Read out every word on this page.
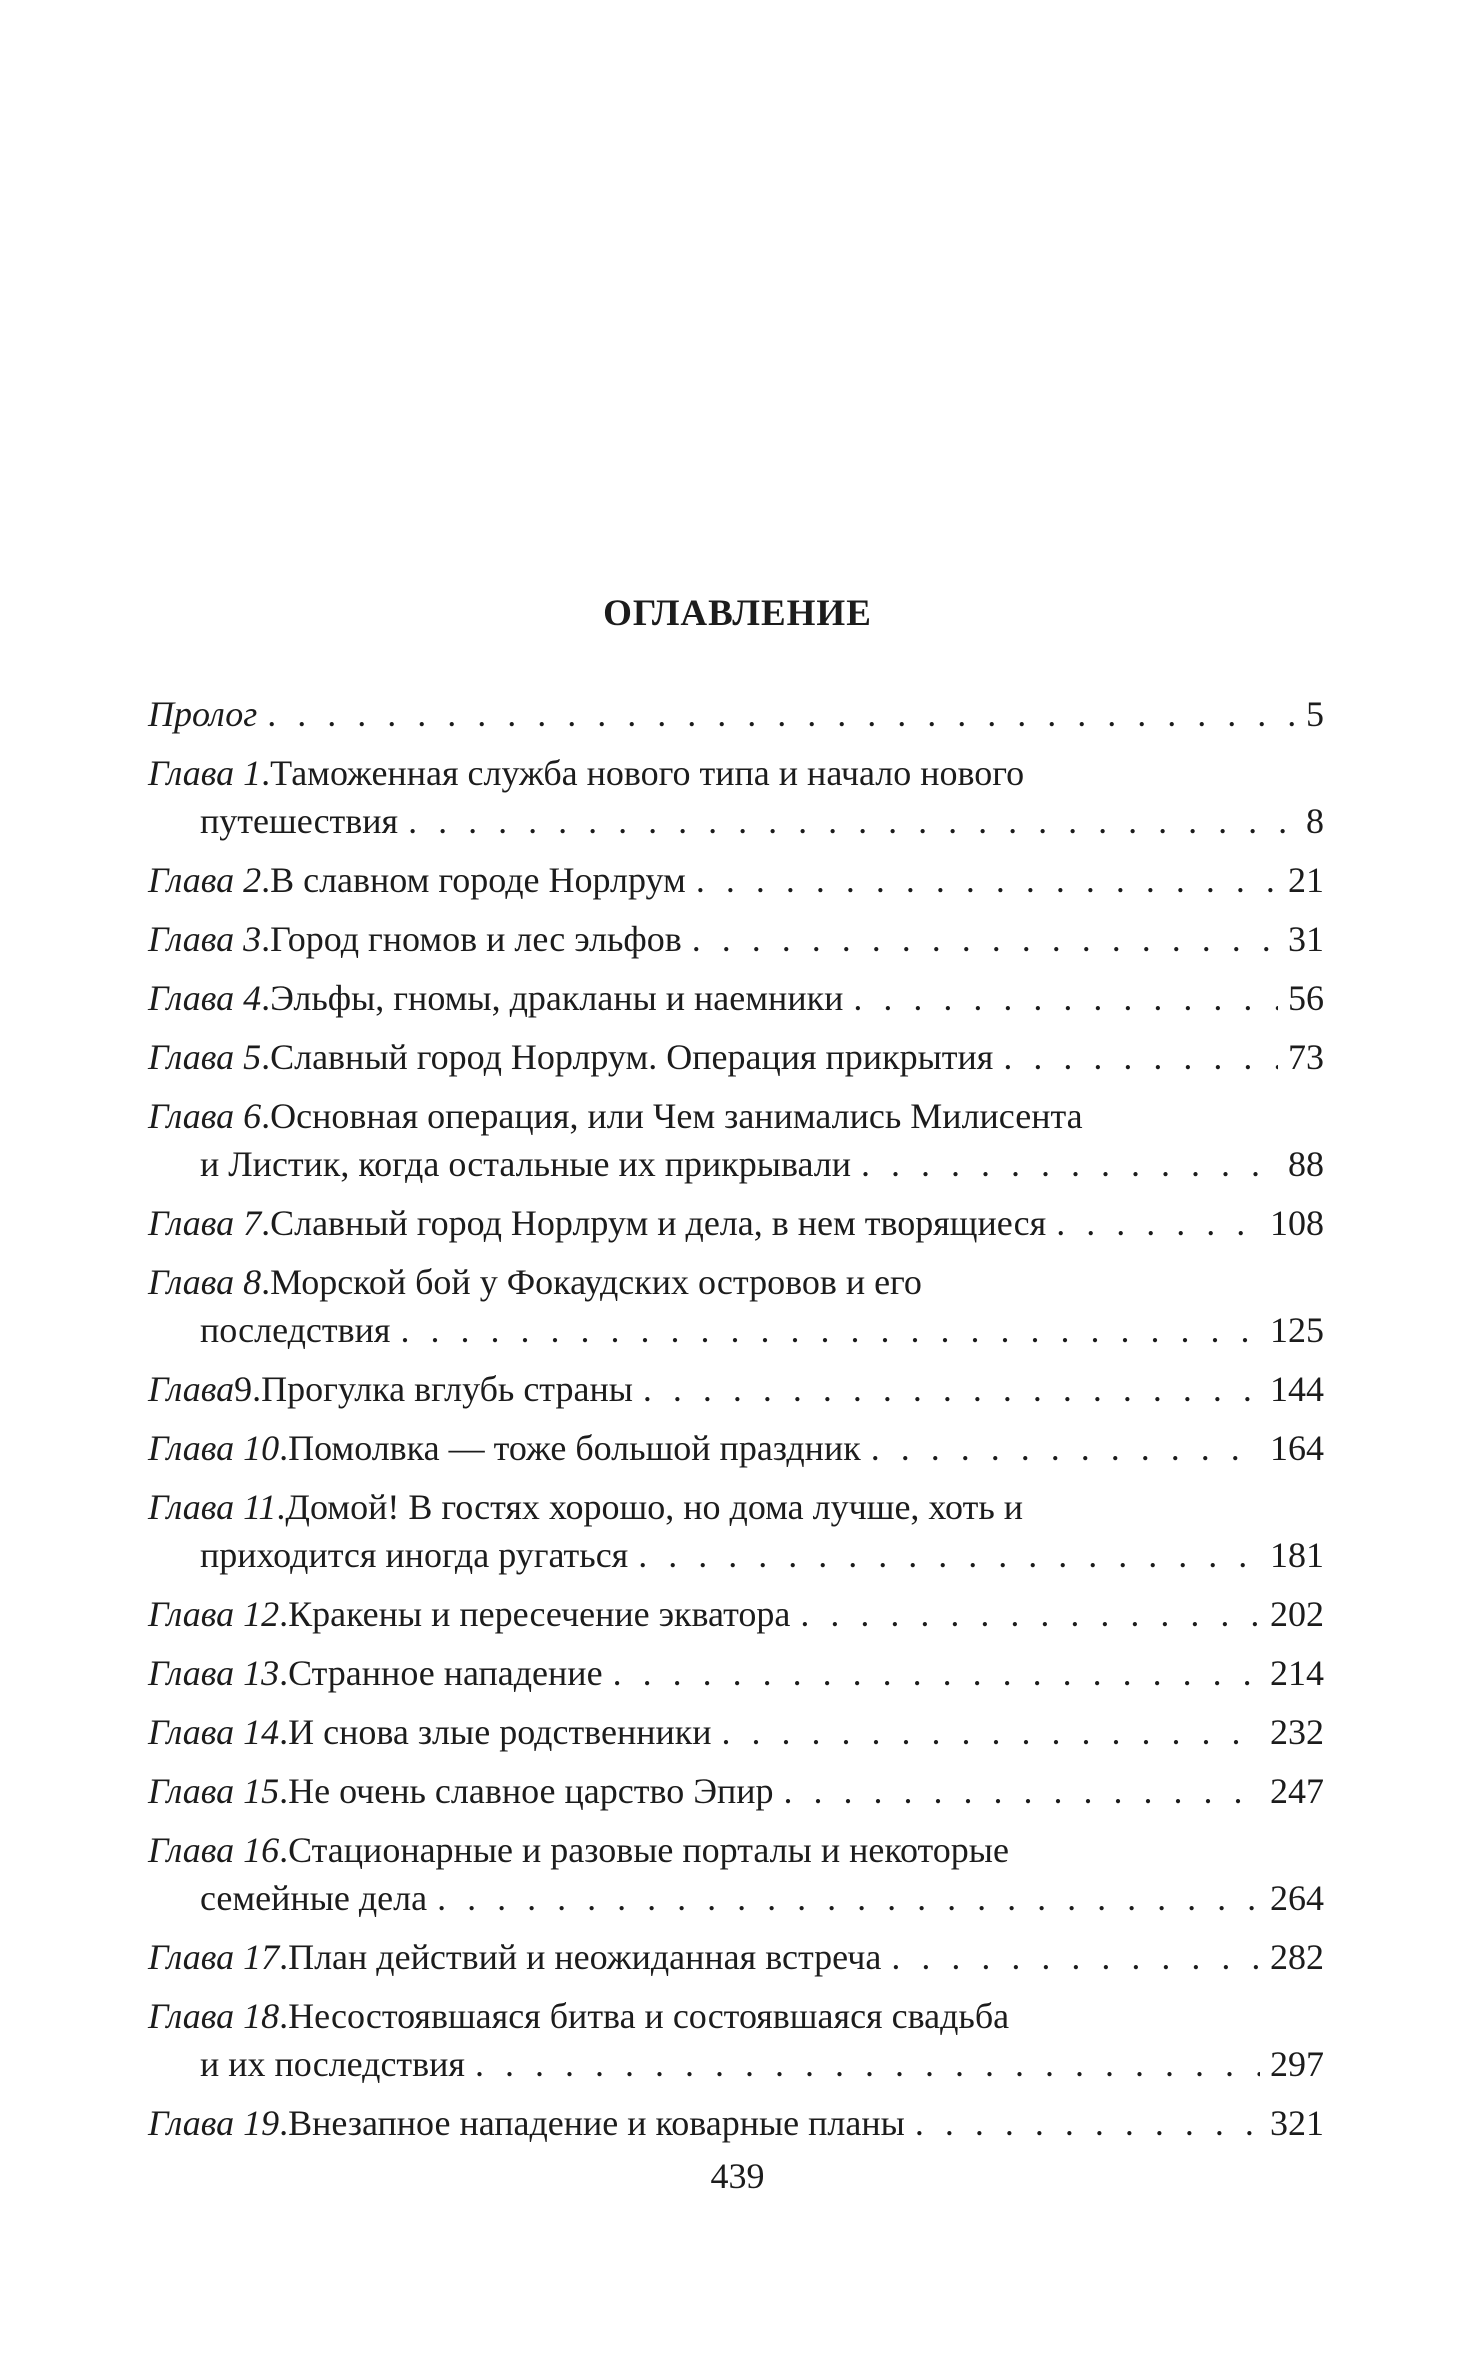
ОГЛАВЛЕНИЕ
Пролог . . .	5
Глава 1 . Таможенная служба нового типа и начало нового
путешествия . . .	8
Глава 2 . В славном городе Норлрум . . .	21
Глава 3 . Город гномов и лес эльфов . . .	31
Глава 4 . Эльфы, гномы, дракланы и наемники . . .	56
Глава 5 . Славный город Норлрум. Операция прикрытия . . .	73
Глава 6 . Основная операция, или Чем занимались Милисента
и Листик, когда остальные их прикрывали . . .	88
Глава 7 . Славный город Норлрум и дела, в нем творящиеся . . .	108
Глава 8 . Морской бой у Фокаудских островов и его
последствия . . .	125
Глава 9 . Прогулка вглубь страны . . .	144
Глава 10 . Помолвка — тоже большой праздник . . .	164
Глава 11 . Домой! В гостях хорошо, но дома лучше, хоть и
приходится иногда ругаться . . .	181
Глава 12 . Кракены и пересечение экватора . . .	202
Глава 13 . Странное нападение . . .	214
Глава 14 . И снова злые родственники . . .	232
Глава 15 . Не очень славное царство Эпир . . .	247
Глава 16 . Стационарные и разовые порталы и некоторые
семейные дела . . .	264
Глава 17 . План действий и неожиданная встреча . . .	282
Глава 18 . Несостоявшаяся битва и состоявшаяся свадьба
и их последствия . . .	297
Глава 19 . Внезапное нападение и коварные планы . . .	321
439
